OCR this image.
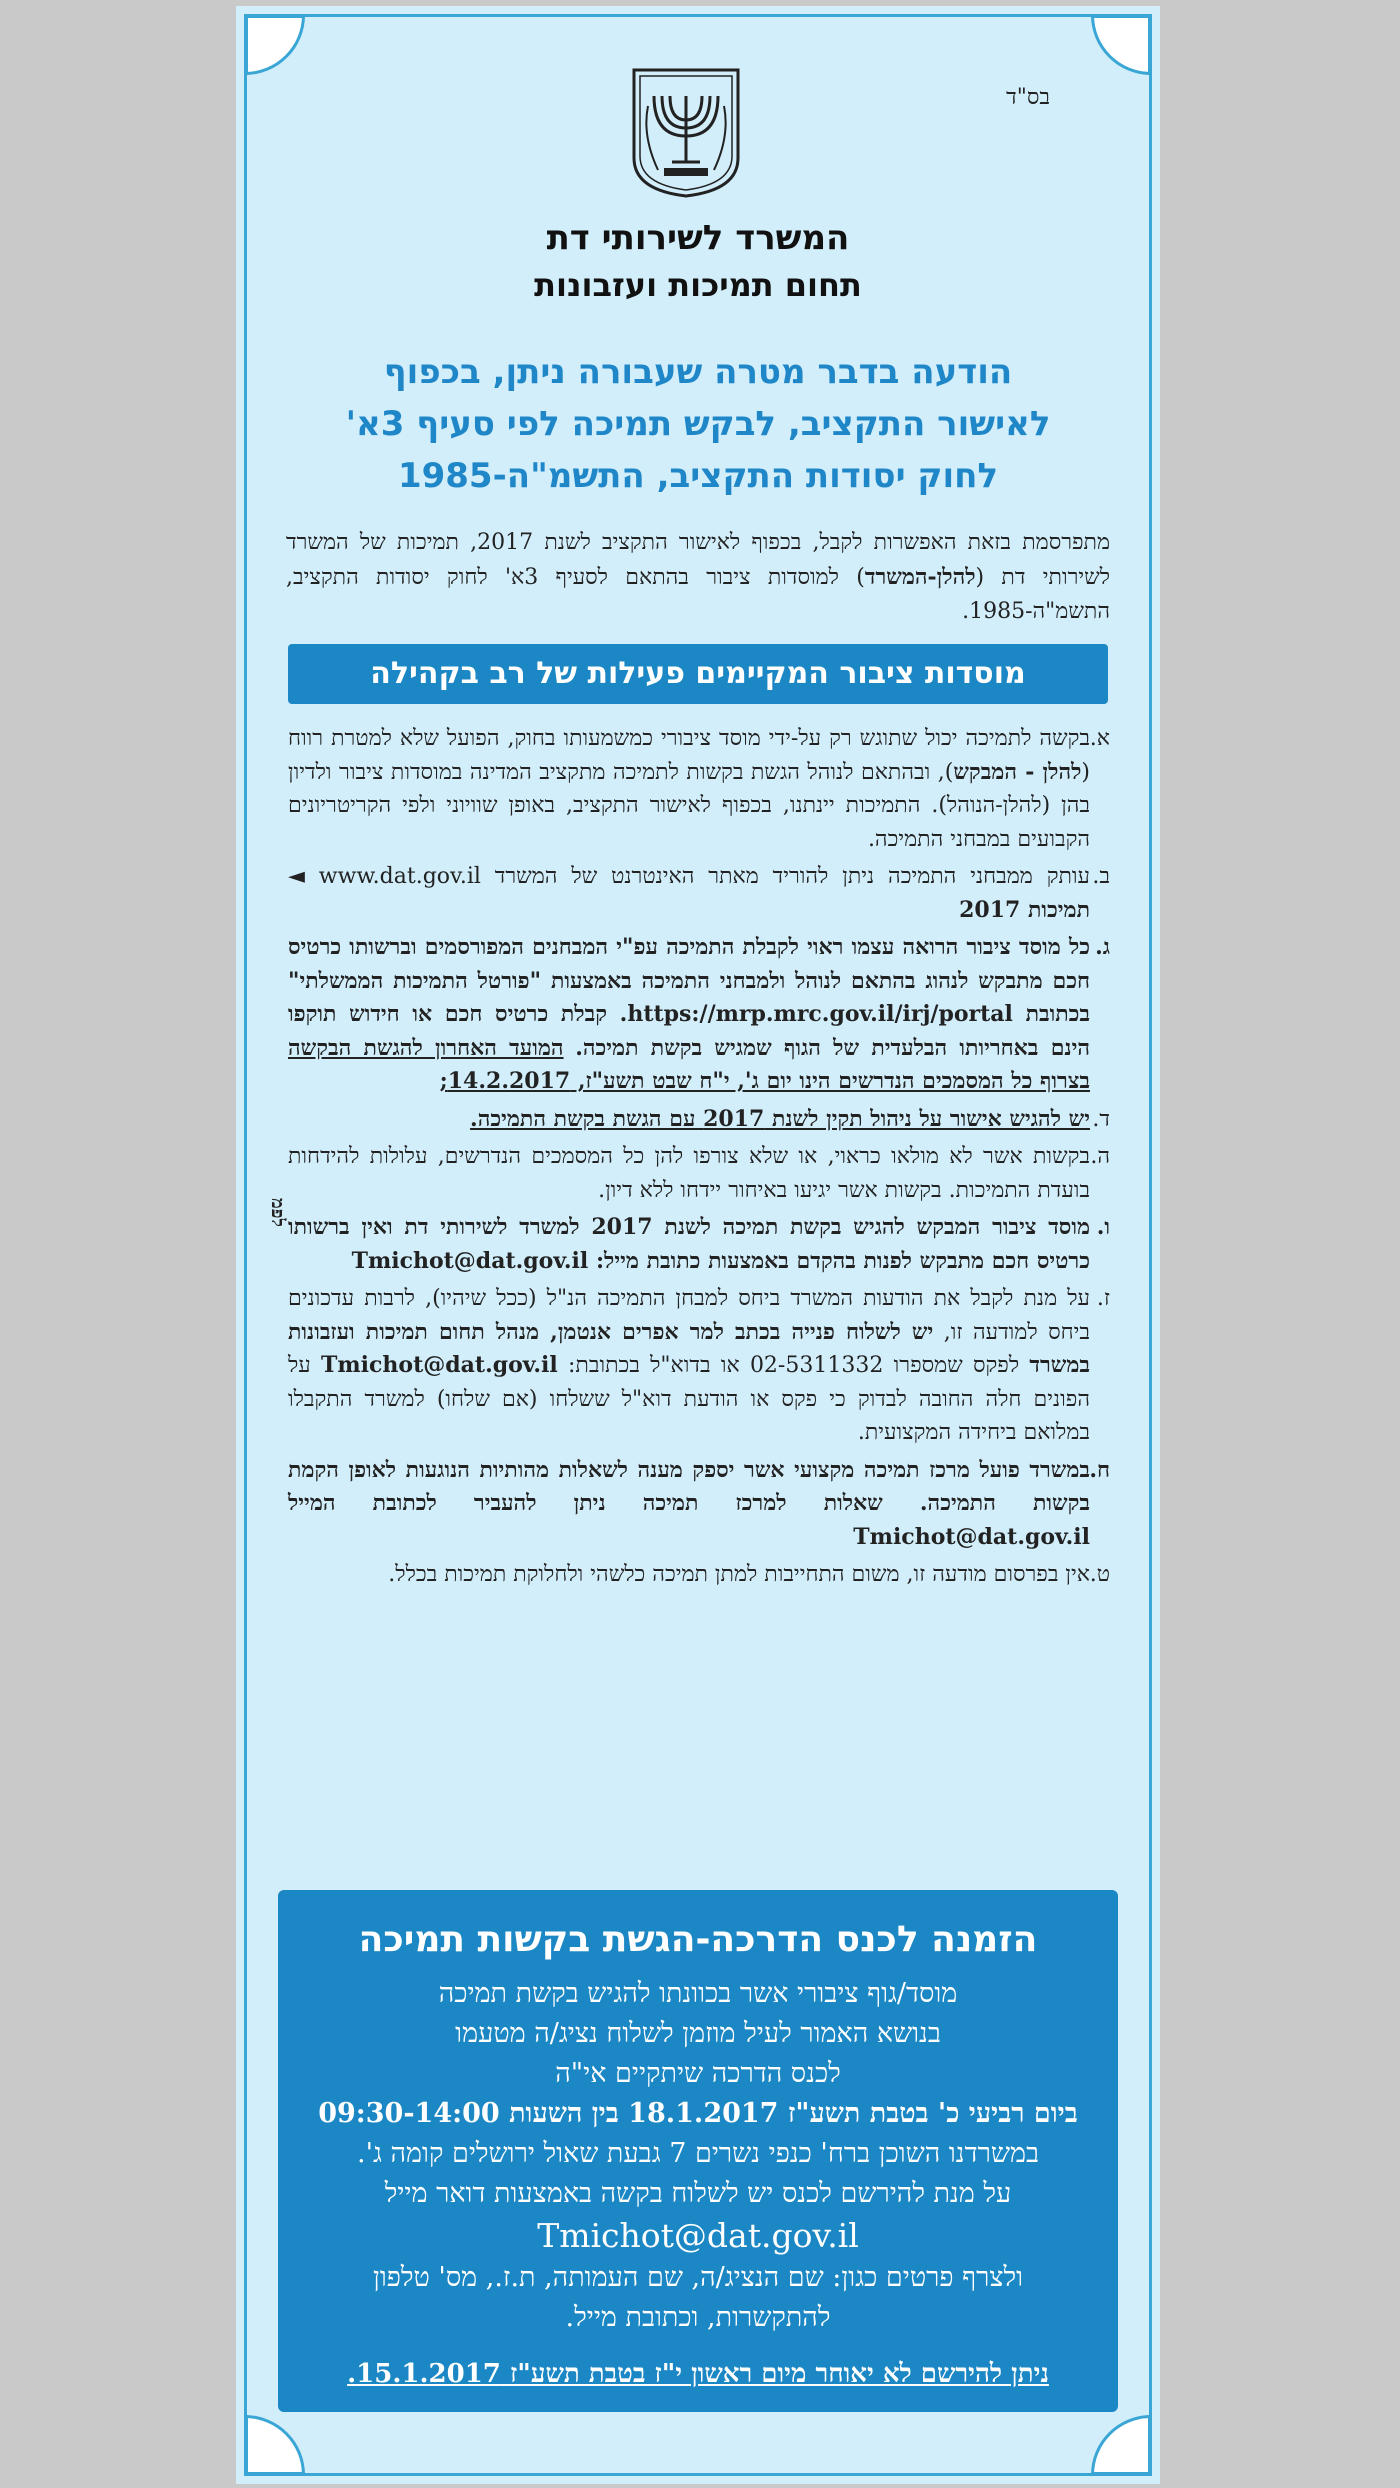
בס"ד
המשרד לשירותי דת
תחום תמיכות ועזבונות
הודעה בדבר מטרה שעבורה ניתן, בכפוף
לאישור התקציב, לבקש תמיכה לפי סעיף 3א'
לחוק יסודות התקציב, התשמ"ה-1985
מתפרסמת בזאת האפשרות לקבל, בכפוף לאישור התקציב לשנת 2017, תמיכות של המשרד לשירותי דת (להלן-המשרד) למוסדות ציבור בהתאם לסעיף 3א' לחוק יסודות התקציב, התשמ"ה-1985.
מוסדות ציבור המקיימים פעילות של רב בקהילה
א.
בקשה לתמיכה יכול שתוגש רק על-ידי מוסד ציבורי כמשמעותו בחוק, הפועל שלא למטרת רווח (להלן - המבקש), ובהתאם לנוהל הגשת בקשות לתמיכה מתקציב המדינה במוסדות ציבור ולדיון בהן (להלן-הנוהל). התמיכות יינתנו, בכפוף לאישור התקציב, באופן שוויוני ולפי הקריטריונים הקבועים במבחני התמיכה.
ב.
עותק ממבחני התמיכה ניתן להוריד מאתר האינטרנט של המשרד www.dat.gov.il ◄ תמיכות 2017
ג.
כל מוסד ציבור הרואה עצמו ראוי לקבלת התמיכה עפ"י המבחנים המפורסמים וברשותו כרטיס חכם מתבקש לנהוג בהתאם לנוהל ולמבחני התמיכה באמצעות "פורטל התמיכות הממשלתי" בכתובת https://mrp.mrc.gov.il/irj/portal. קבלת כרטיס חכם או חידוש תוקפו הינם באחריותו הבלעדית של הגוף שמגיש בקשת תמיכה. המועד האחרון להגשת הבקשה בצרוף כל המסמכים הנדרשים הינו יום ג', י"ח שבט תשע"ז, 14.2.2017;
ד.
יש להגיש אישור על ניהול תקין לשנת 2017 עם הגשת בקשת התמיכה.
ה.
בקשות אשר לא מולאו כראוי, או שלא צורפו להן כל המסמכים הנדרשים, עלולות להידחות בועדת התמיכות. בקשות אשר יגיעו באיחור יידחו ללא דיון.
ו.
מוסד ציבור המבקש להגיש בקשת תמיכה לשנת 2017 למשרד לשירותי דת ואין ברשותו כרטיס חכם מתבקש לפנות בהקדם באמצעות כתובת מייל: Tmichot@dat.gov.il
ז.
על מנת לקבל את הודעות המשרד ביחס למבחן התמיכה הנ"ל (ככל שיהיו), לרבות עדכונים ביחס למודעה זו, יש לשלוח פנייה בכתב למר אפרים אנטמן, מנהל תחום תמיכות ועזבונות במשרד לפקס שמספרו 02-5311332 או בדוא"ל בכתובת: Tmichot@dat.gov.il על הפונים חלה החובה לבדוק כי פקס או הודעת דוא"ל ששלחו (אם שלחו) למשרד התקבלו במלואם ביחידה המקצועית.
ח.
במשרד פועל מרכז תמיכה מקצועי אשר יספק מענה לשאלות מהותיות הנוגעות לאופן הקמת בקשות התמיכה. שאלות למרכז תמיכה ניתן להעביר לכתובת המייל Tmichot@dat.gov.il
ט.
אין בפרסום מודעה זו, משום התחייבות למתן תמיכה כלשהי ולחלוקת תמיכות בכלל.
לפמ
הזמנה לכנס הדרכה-הגשת בקשות תמיכה
מוסד/גוף ציבורי אשר בכוונתו להגיש בקשת תמיכה
בנושא האמור לעיל מוזמן לשלוח נציג/ה מטעמו
לכנס הדרכה שיתקיים אי"ה
ביום רביעי כ' בטבת תשע"ז 18.1.2017 בין השעות 09:30-14:00
במשרדנו השוכן ברח' כנפי נשרים 7 גבעת שאול ירושלים קומה ג'.
על מנת להירשם לכנס יש לשלוח בקשה באמצעות דואר מייל
Tmichot@dat.gov.il
ולצרף פרטים כגון: שם הנציג/ה, שם העמותה, ת.ז., מס' טלפון
להתקשרות, וכתובת מייל.
ניתן להירשם לא יאוחר מיום ראשון י"ז בטבת תשע"ז 15.1.2017.
